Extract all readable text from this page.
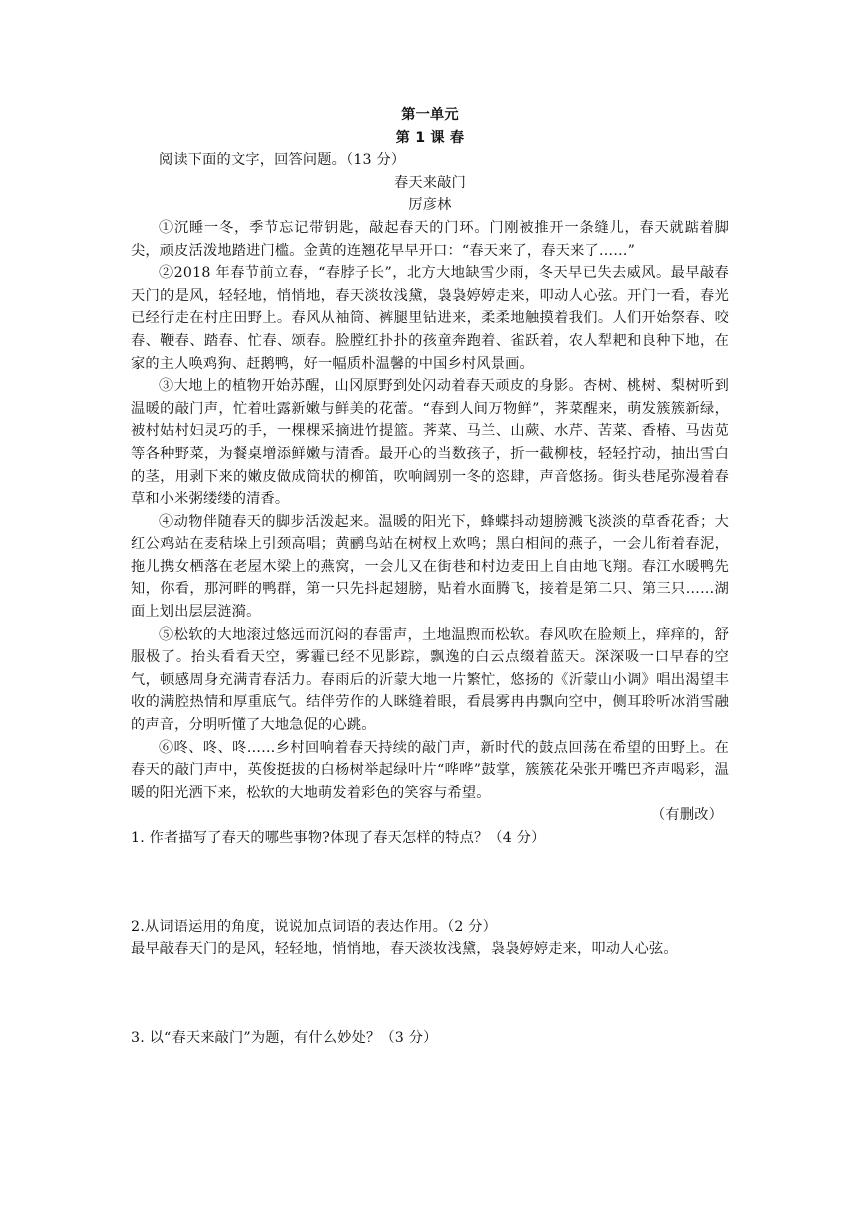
第一单元

第 1 课 春

阅读下面的文字，回答问题。（13 分）

春天来敲门

厉彦林

①沉睡一冬，季节忘记带钥匙，敲起春天的门环。门刚被推开一条缝儿，春天就踮着脚尖，顽皮活泼地踏进门槛。金黄的连翘花早早开口：“春天来了，春天来了……”

②2018 年春节前立春，“春脖子长”，北方大地缺雪少雨，冬天早已失去威风。最早敲春天门的是风，轻轻地，悄悄地，春天淡妆浅黛，袅袅婷婷走来，叩动人心弦。开门一看，春光已经行走在村庄田野上。春风从袖筒、裤腿里钻进来，柔柔地触摸着我们。人们开始祭春、咬春、鞭春、踏春、忙春、颂春。脸膛红扑扑的孩童奔跑着、雀跃着，农人犁耙和良种下地，在家的主人唤鸡狗、赶鹅鸭，好一幅质朴温馨的中国乡村风景画。

③大地上的植物开始苏醒，山冈原野到处闪动着春天顽皮的身影。杏树、桃树、梨树听到温暖的敲门声，忙着吐露新嫩与鲜美的花蕾。“春到人间万物鲜”，荠菜醒来，萌发簇簇新绿，被村姑村妇灵巧的手，一棵棵采摘进竹提篮。荠菜、马兰、山蕨、水芹、苦菜、香椿、马齿苋等各种野菜，为餐桌增添鲜嫩与清香。最开心的当数孩子，折一截柳枝，轻轻拧动，抽出雪白的茎，用剥下来的嫩皮做成筒状的柳笛，吹响阔别一冬的恣肆，声音悠扬。街头巷尾弥漫着春草和小米粥缕缕的清香。

④动物伴随春天的脚步活泼起来。温暖的阳光下，蜂蝶抖动翅膀溅飞淡淡的草香花香；大红公鸡站在麦秸垛上引颈高唱；黄鹂鸟站在树杈上欢鸣；黑白相间的燕子，一会儿衔着春泥，拖儿携女栖落在老屋木梁上的燕窝，一会儿又在街巷和村边麦田上自由地飞翔。春江水暖鸭先知，你看，那河畔的鸭群，第一只先抖起翅膀，贴着水面腾飞，接着是第二只、第三只……湖面上划出层层涟漪。

⑤松软的大地滚过悠远而沉闷的春雷声，土地温煦而松软。春风吹在脸颊上，痒痒的，舒服极了。抬头看看天空，雾霾已经不见影踪，飘逸的白云点缀着蓝天。深深吸一口早春的空气，顿感周身充满青春活力。春雨后的沂蒙大地一片繁忙，悠扬的《沂蒙山小调》唱出渴望丰收的满腔热情和厚重底气。结伴劳作的人眯缝着眼，看晨雾冉冉飘向空中，侧耳聆听冰消雪融的声音，分明听懂了大地急促的心跳。

⑥咚、咚、咚……乡村回响着春天持续的敲门声，新时代的鼓点回荡在希望的田野上。在春天的敲门声中，英俊挺拔的白杨树举起绿叶片“哗哗”鼓掌，簇簇花朵张开嘴巴齐声喝彩，温暖的阳光洒下来，松软的大地萌发着彩色的笑容与希望。

（有删改）

1. 作者描写了春天的哪些事物?体现了春天怎样的特点？（4 分）

2.从词语运用的角度，说说加点词语的表达作用。（2 分）

最早敲春天门的是风，轻轻地，悄悄地，春天淡妆浅黛，袅袅婷婷走来，叩动人心弦。

3. 以“春天来敲门”为题，有什么妙处？（3 分）
